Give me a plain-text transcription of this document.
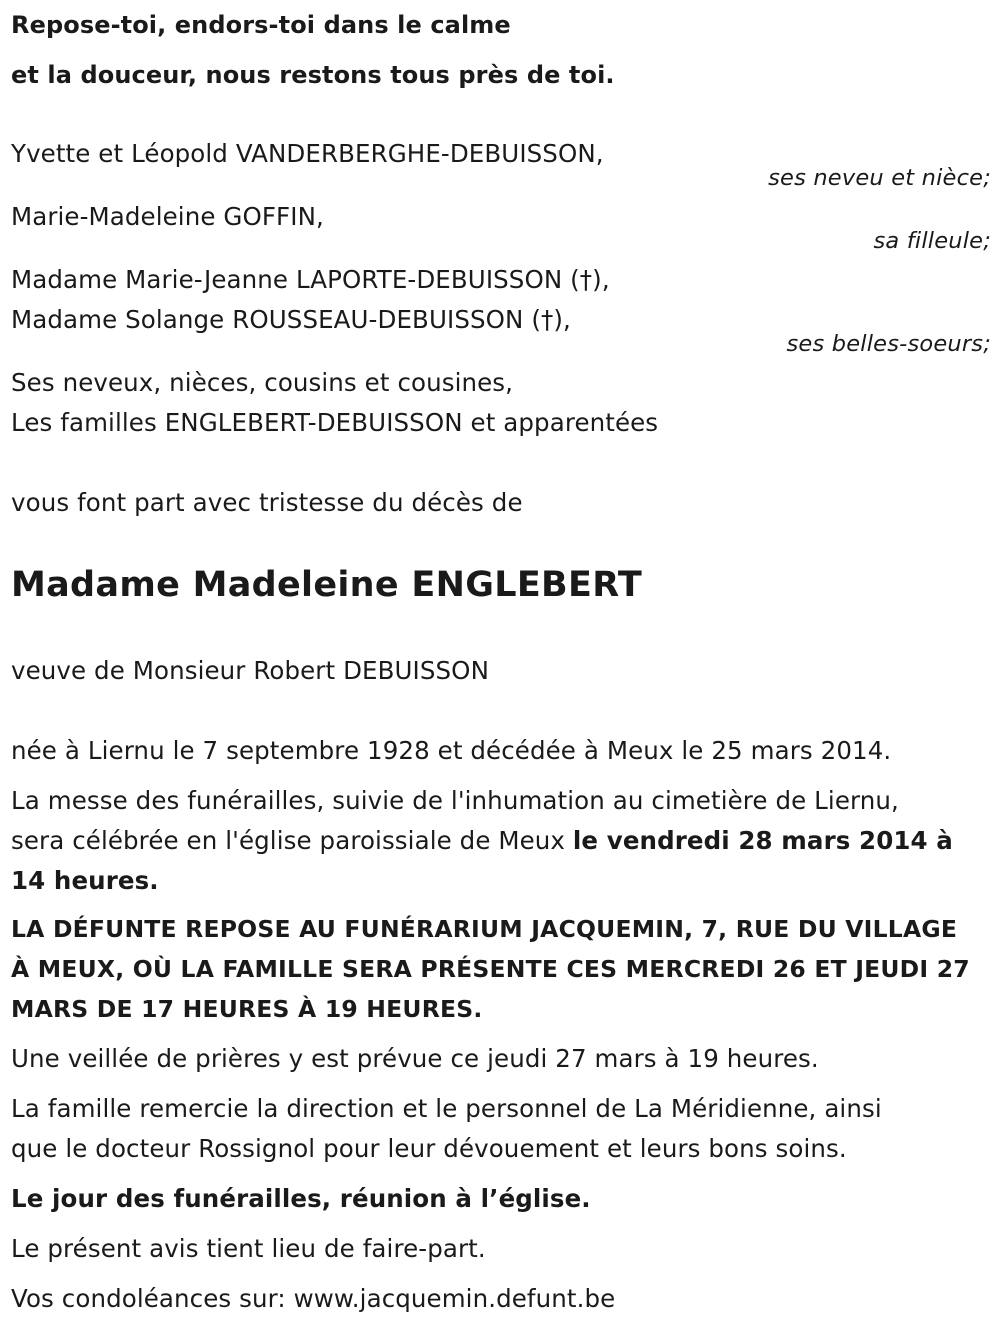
Repose-toi, endors-toi dans le calme
et la douceur, nous restons tous près de toi.
Yvette et Léopold VANDERBERGHE-DEBUISSON,
ses neveu et nièce;
Marie-Madeleine GOFFIN,
sa filleule;
Madame Marie-Jeanne LAPORTE-DEBUISSON (†),
Madame Solange ROUSSEAU-DEBUISSON (†),
ses belles-soeurs;
Ses neveux, nièces, cousins et cousines,
Les familles ENGLEBERT-DEBUISSON et apparentées
vous font part avec tristesse du décès de
Madame Madeleine ENGLEBERT
veuve de Monsieur Robert DEBUISSON
née à Liernu le 7 septembre 1928 et décédée à Meux le 25 mars 2014.
La messe des funérailles, suivie de l'inhumation au cimetière de Liernu,
sera célébrée en l'église paroissiale de Meux le vendredi 28 mars 2014 à
14 heures.
LA DÉFUNTE REPOSE AU FUNÉRARIUM JACQUEMIN, 7, RUE DU VILLAGE
À MEUX, OÙ LA FAMILLE SERA PRÉSENTE CES MERCREDI 26 ET JEUDI 27
MARS DE 17 HEURES À 19 HEURES.
Une veillée de prières y est prévue ce jeudi 27 mars à 19 heures.
La famille remercie la direction et le personnel de La Méridienne, ainsi
que le docteur Rossignol pour leur dévouement et leurs bons soins.
Le jour des funérailles, réunion à l’église.
Le présent avis tient lieu de faire-part.
Vos condoléances sur: www.jacquemin.defunt.be
